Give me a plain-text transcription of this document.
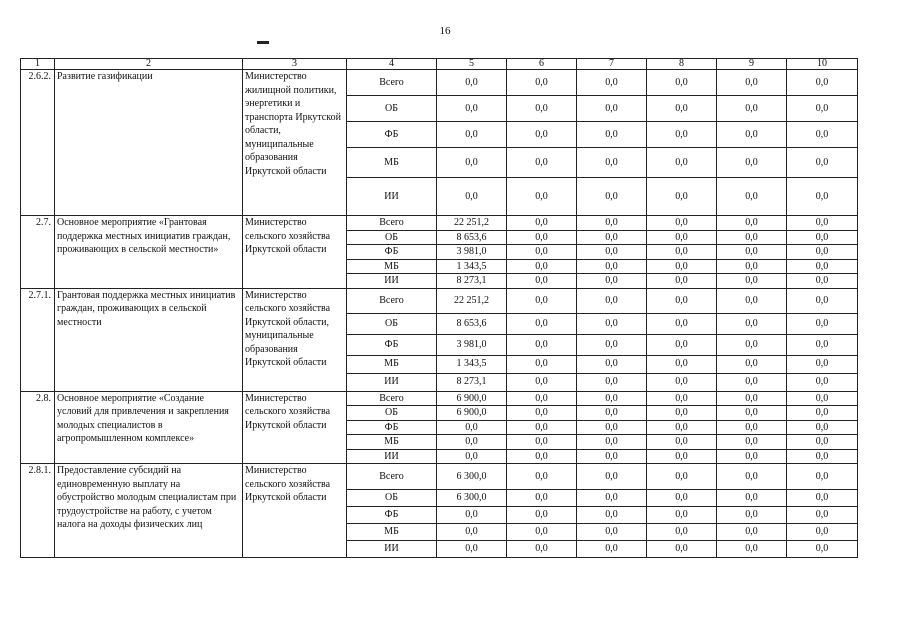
16
1	2	3	4	5	6	7	8	9	10
2.6.2.	Развитие газификации	Министерство жилищной политики, энергетики и транспорта Иркутской области, муниципальные образования Иркутской области	Всего	0,0	0,0	0,0	0,0	0,0	0,0
			ОБ	0,0	0,0	0,0	0,0	0,0	0,0
			ФБ	0,0	0,0	0,0	0,0	0,0	0,0
			МБ	0,0	0,0	0,0	0,0	0,0	0,0
			ИИ	0,0	0,0	0,0	0,0	0,0	0,0
2.7.	Основное мероприятие «Грантовая поддержка местных инициатив граждан, проживающих в сельской местности»	Министерство сельского хозяйства Иркутской области	Всего	22 251,2	0,0	0,0	0,0	0,0	0,0
			ОБ	8 653,6	0,0	0,0	0,0	0,0	0,0
			ФБ	3 981,0	0,0	0,0	0,0	0,0	0,0
			МБ	1 343,5	0,0	0,0	0,0	0,0	0,0
			ИИ	8 273,1	0,0	0,0	0,0	0,0	0,0
2.7.1.	Грантовая поддержка местных инициатив граждан, проживающих в сельской местности	Министерство сельского хозяйства Иркутской области, муниципальные образования Иркутской области	Всего	22 251,2	0,0	0,0	0,0	0,0	0,0
			ОБ	8 653,6	0,0	0,0	0,0	0,0	0,0
			ФБ	3 981,0	0,0	0,0	0,0	0,0	0,0
			МБ	1 343,5	0,0	0,0	0,0	0,0	0,0
			ИИ	8 273,1	0,0	0,0	0,0	0,0	0,0
2.8.	Основное мероприятие «Создание условий для привлечения и закрепления молодых специалистов в агропромышленном комплексе»	Министерство сельского хозяйства Иркутской области	Всего	6 900,0	0,0	0,0	0,0	0,0	0,0
			ОБ	6 900,0	0,0	0,0	0,0	0,0	0,0
			ФБ	0,0	0,0	0,0	0,0	0,0	0,0
			МБ	0,0	0,0	0,0	0,0	0,0	0,0
			ИИ	0,0	0,0	0,0	0,0	0,0	0,0
2.8.1.	Предоставление субсидий на единовременную выплату на обустройство молодым специалистам при трудоустройстве на работу, с учетом налога на доходы физических лиц	Министерство сельского хозяйства Иркутской области	Всего	6 300,0	0,0	0,0	0,0	0,0	0,0
			ОБ	6 300,0	0,0	0,0	0,0	0,0	0,0
			ФБ	0,0	0,0	0,0	0,0	0,0	0,0
			МБ	0,0	0,0	0,0	0,0	0,0	0,0
			ИИ	0,0	0,0	0,0	0,0	0,0	0,0
